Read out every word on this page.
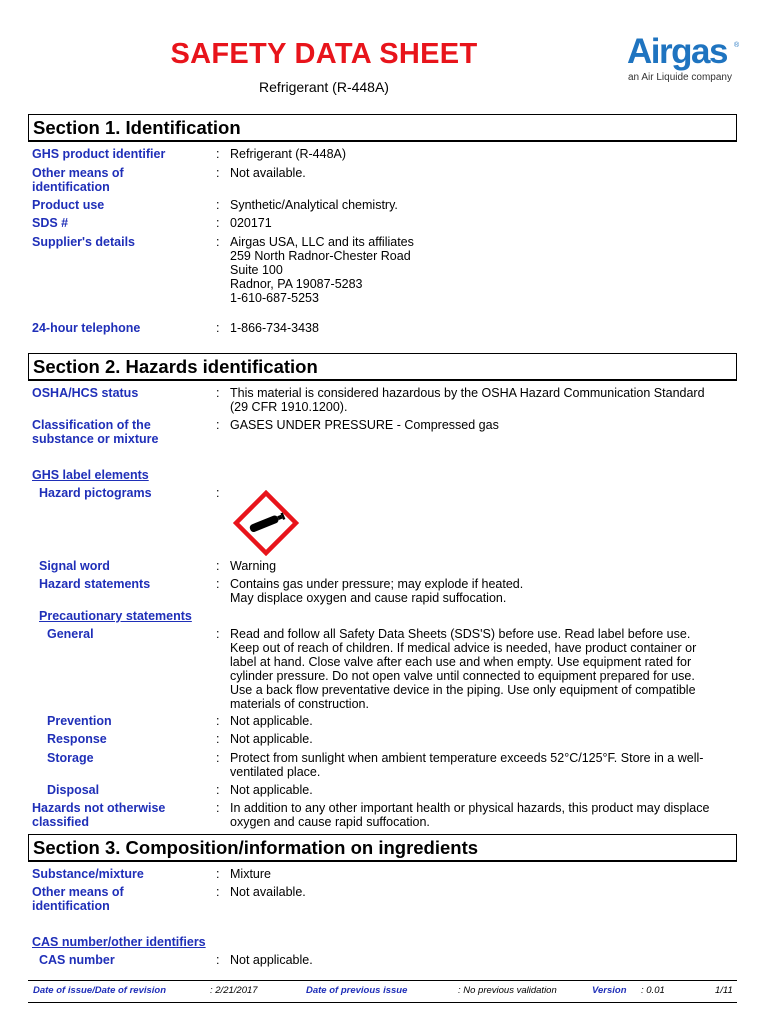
SAFETY DATA SHEET
Refrigerant (R-448A)
Airgas ®
an Air Liquide company
Section 1. Identification
GHS product identifier	: Refrigerant (R-448A)
Other means of
identification
: Not available.
Product use	: Synthetic/Analytical chemistry.
SDS #	: 020171
Supplier's details	: Airgas USA, LLC and its affiliates
259 North Radnor-Chester Road
Suite 100
Radnor, PA 19087-5283
1-610-687-5253
24-hour telephone	: 1-866-734-3438
Section 2. Hazards identification
OSHA/HCS status	: This material is considered hazardous by the OSHA Hazard Communication Standard
(29 CFR 1910.1200).
Classification of the
substance or mixture
: GASES UNDER PRESSURE - Compressed gas
GHS label elements
Hazard pictograms	:
Signal word	: Warning
Hazard statements	: Contains gas under pressure; may explode if heated.
May displace oxygen and cause rapid suffocation.
Precautionary statements
General	: Read and follow all Safety Data Sheets (SDS'S) before use. Read label before use.
Keep out of reach of children. If medical advice is needed, have product container or
label at hand. Close valve after each use and when empty. Use equipment rated for
cylinder pressure. Do not open valve until connected to equipment prepared for use.
Use a back flow preventative device in the piping. Use only equipment of compatible
materials of construction.
Prevention	: Not applicable.
Response	: Not applicable.
Storage	: Protect from sunlight when ambient temperature exceeds 52°C/125°F. Store in a well-
ventilated place.
Disposal	: Not applicable.
Hazards not otherwise
classified
: In addition to any other important health or physical hazards, this product may displace
oxygen and cause rapid suffocation.
Section 3. Composition/information on ingredients
Substance/mixture	: Mixture
Other means of
identification
: Not available.
CAS number/other identifiers
CAS number	: Not applicable.
Date of issue/Date of revision	: 2/21/2017	Date of previous issue	: No previous validation	Version : 0.01	1/11
